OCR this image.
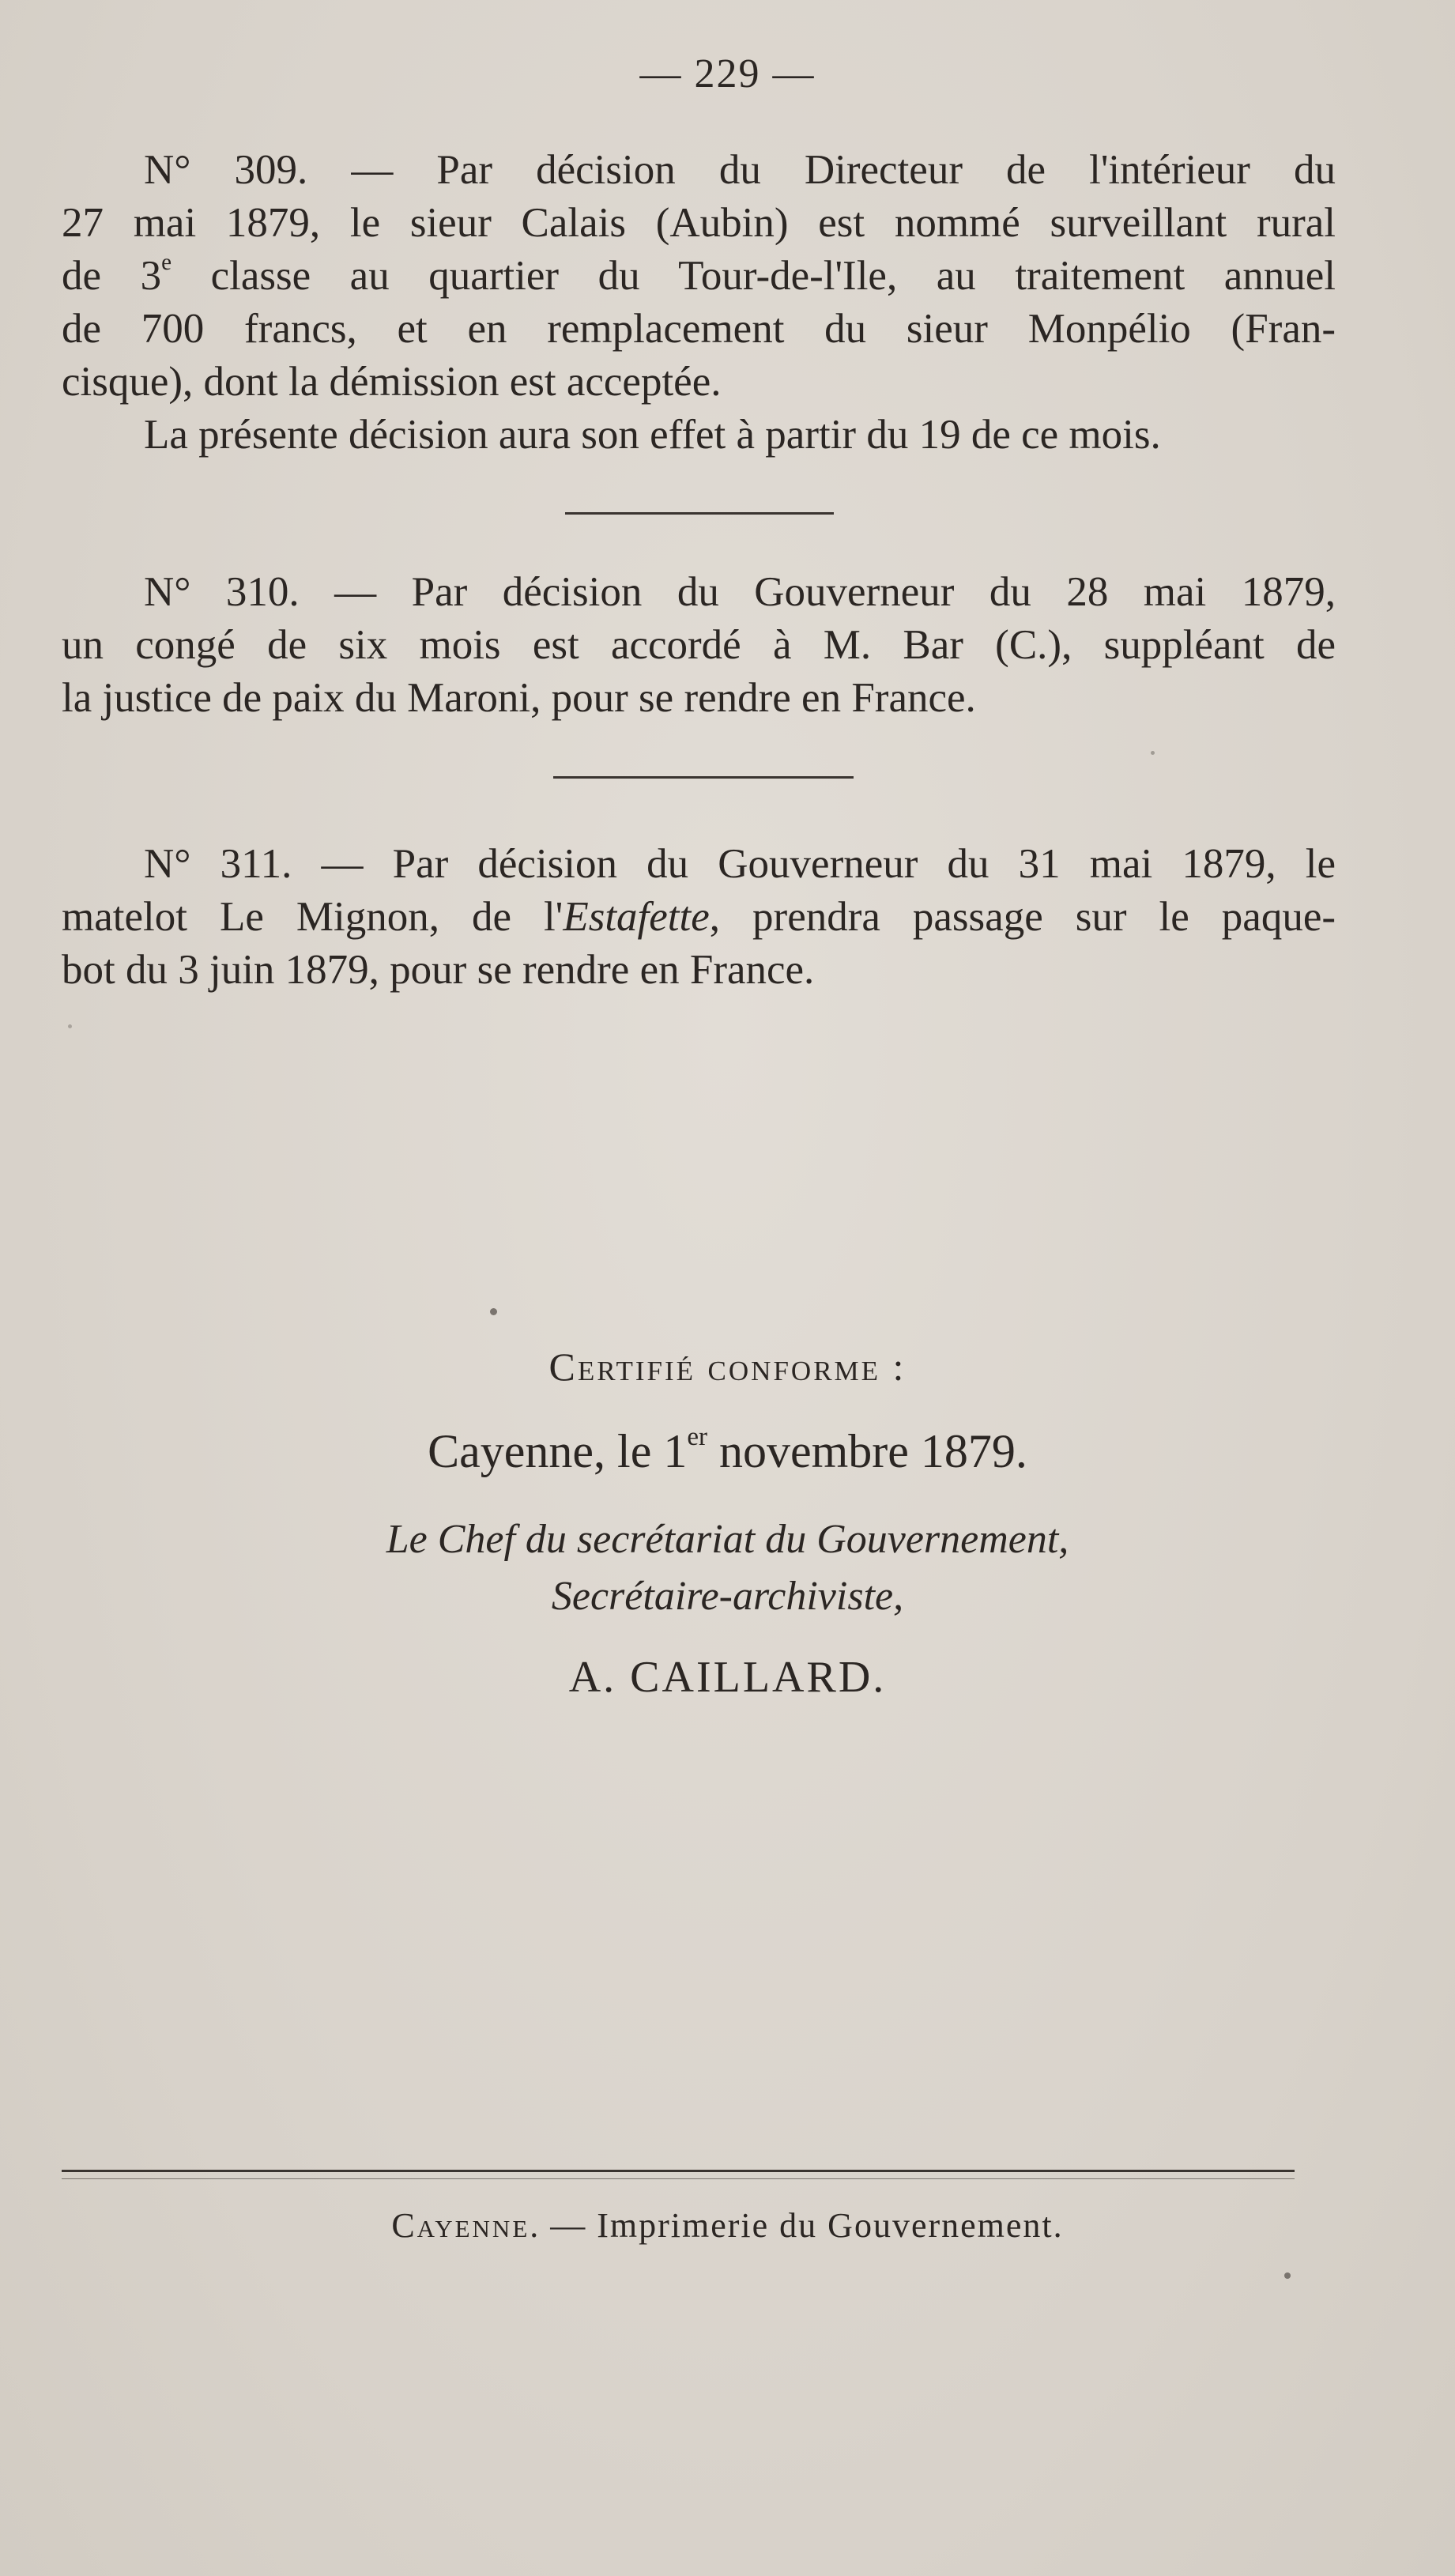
— 229 —
N° 309. — Par décision du Directeur de l'intérieur du
27 mai 1879, le sieur Calais (Aubin) est nommé surveillant rural
de 3e classe au quartier du Tour-de-l'Ile, au traitement annuel
de 700 francs, et en remplacement du sieur Monpélio (Fran-
cisque), dont la démission est acceptée.
La présente décision aura son effet à partir du 19 de ce mois.
N° 310. — Par décision du Gouverneur du 28 mai 1879,
un congé de six mois est accordé à M. Bar (C.), suppléant de
la justice de paix du Maroni, pour se rendre en France.
N° 311. — Par décision du Gouverneur du 31 mai 1879, le
matelot Le Mignon, de l'Estafette, prendra passage sur le paque-
bot du 3 juin 1879, pour se rendre en France.
Certifié conforme :
Cayenne, le 1er novembre 1879.
Le Chef du secrétariat du Gouvernement,
Secrétaire-archiviste,
A. CAILLARD.
Cayenne. — Imprimerie du Gouvernement.
